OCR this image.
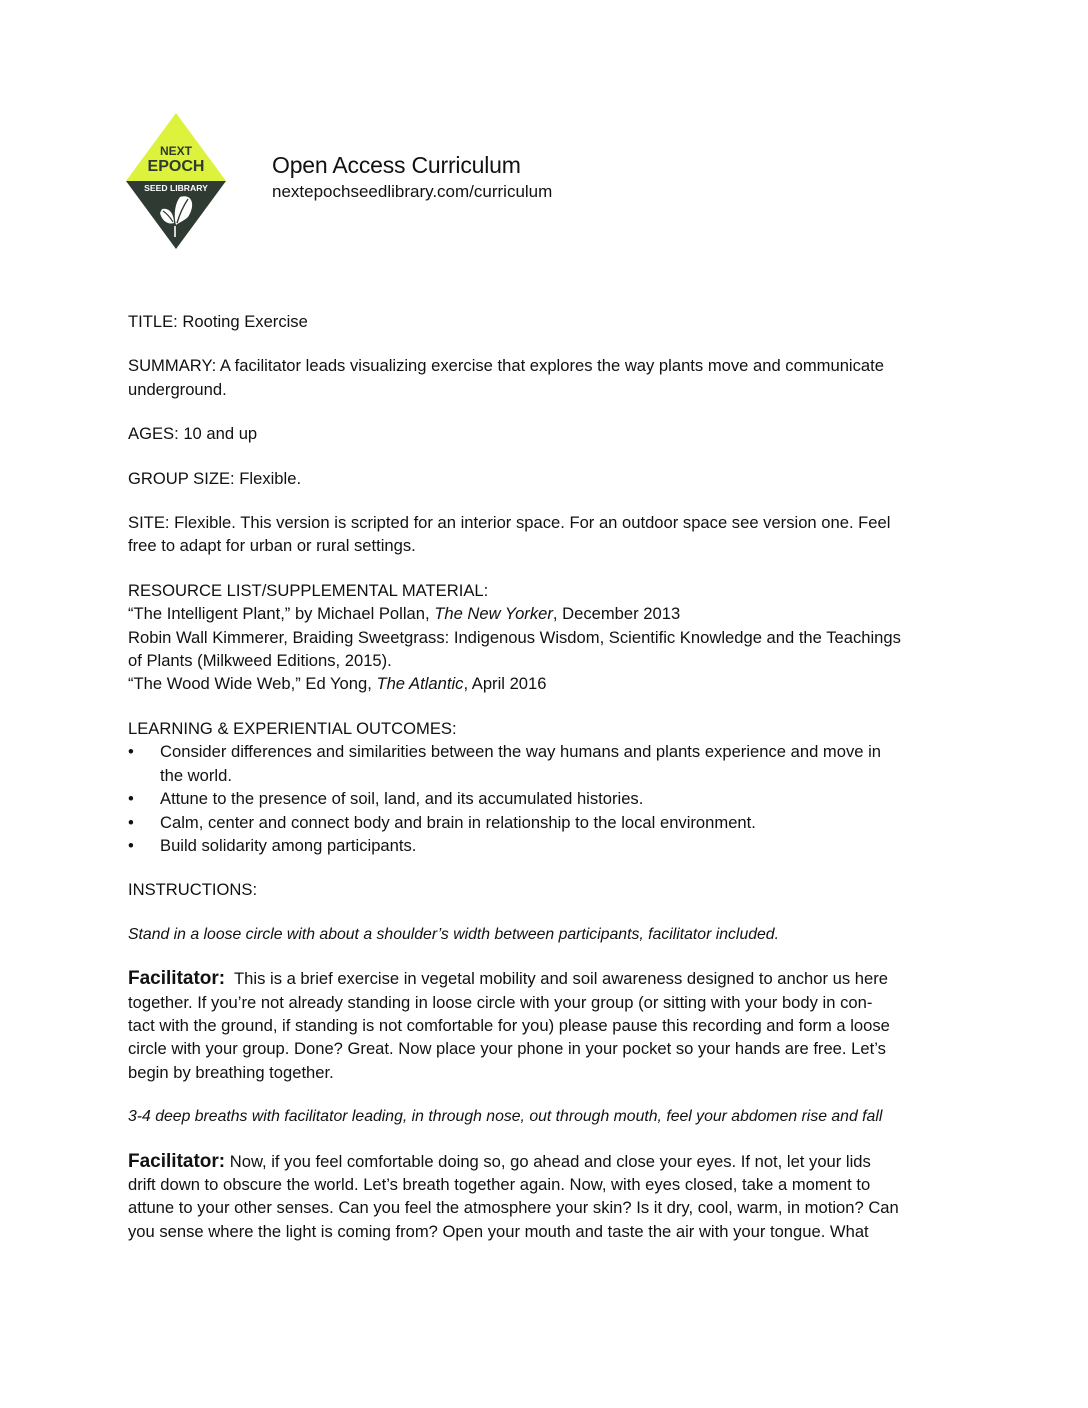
NEXT
EPOCH
SEED LIBRARY
Open Access Curriculum
nextepochseedlibrary.com/curriculum

TITLE: Rooting Exercise

SUMMARY: A facilitator leads visualizing exercise that explores the way plants move and communicate
underground.

AGES: 10 and up

GROUP SIZE: Flexible.

SITE: Flexible. This version is scripted for an interior space. For an outdoor space see version one. Feel
free to adapt for urban or rural settings.

RESOURCE LIST/SUPPLEMENTAL MATERIAL:
“The Intelligent Plant,” by Michael Pollan, The New Yorker, December 2013
Robin Wall Kimmerer, Braiding Sweetgrass: Indigenous Wisdom, Scientific Knowledge and the Teachings
of Plants (Milkweed Editions, 2015).
“The Wood Wide Web,” Ed Yong, The Atlantic, April 2016
LEARNING & EXPERIENTIAL OUTCOMES:
• Consider differences and similarities between the way humans and plants experience and move in
the world.
• Attune to the presence of soil, land, and its accumulated histories.
• Calm, center and connect body and brain in relationship to the local environment.
• Build solidarity among participants.

INSTRUCTIONS:

Stand in a loose circle with about a shoulder’s width between participants, facilitator included.

Facilitator:  This is a brief exercise in vegetal mobility and soil awareness designed to anchor us here
together. If you’re not already standing in loose circle with your group (or sitting with your body in con-
tact with the ground, if standing is not comfortable for you) please pause this recording and form a loose
circle with your group. Done? Great. Now place your phone in your pocket so your hands are free. Let’s
begin by breathing together.

3-4 deep breaths with facilitator leading, in through nose, out through mouth, feel your abdomen rise and fall

Facilitator: Now, if you feel comfortable doing so, go ahead and close your eyes. If not, let your lids
drift down to obscure the world. Let’s breath together again. Now, with eyes closed, take a moment to
attune to your other senses. Can you feel the atmosphere your skin? Is it dry, cool, warm, in motion? Can
you sense where the light is coming from? Open your mouth and taste the air with your tongue. What
